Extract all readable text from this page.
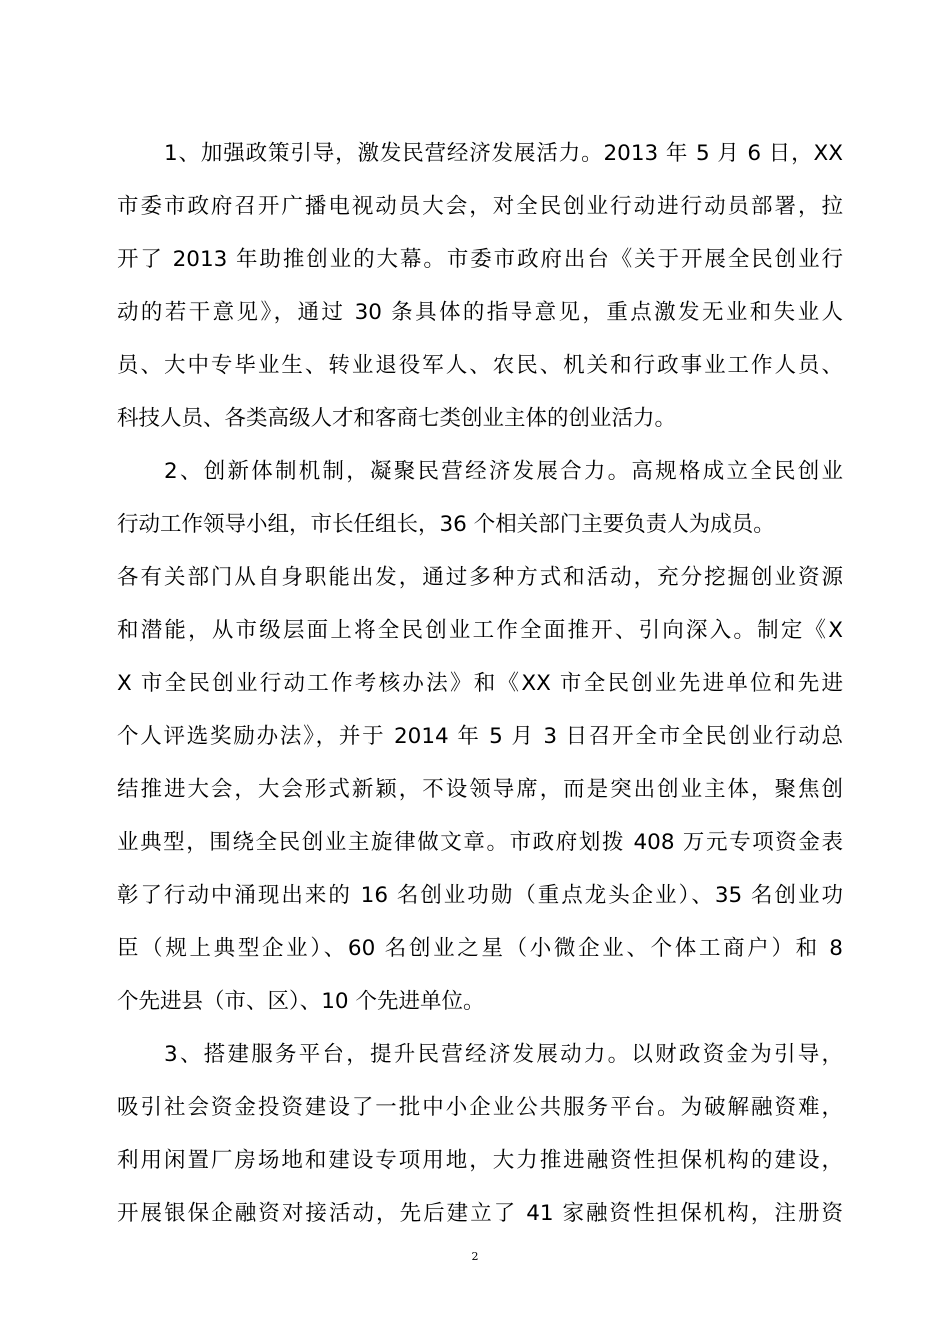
1、加强政策引导，激发民营经济发展活力。2013 年 5 月 6 日，XX
市委市政府召开广播电视动员大会，对全民创业行动进行动员部署，拉
开了 2013 年助推创业的大幕。市委市政府出台《关于开展全民创业行
动的若干意见》，通过 30 条具体的指导意见，重点激发无业和失业人
员、大中专毕业生、转业退役军人、农民、机关和行政事业工作人员、
科技人员、各类高级人才和客商七类创业主体的创业活力。
2、创新体制机制，凝聚民营经济发展合力。高规格成立全民创业
行动工作领导小组，市长任组长，36 个相关部门主要负责人为成员。
各有关部门从自身职能出发，通过多种方式和活动，充分挖掘创业资源
和潜能，从市级层面上将全民创业工作全面推开、引向深入。制定《X
X 市全民创业行动工作考核办法》和《XX 市全民创业先进单位和先进
个人评选奖励办法》，并于 2014 年 5 月 3 日召开全市全民创业行动总
结推进大会，大会形式新颖，不设领导席，而是突出创业主体，聚焦创
业典型，围绕全民创业主旋律做文章。市政府划拨 408 万元专项资金表
彰了行动中涌现出来的 16 名创业功勋（重点龙头企业）、35 名创业功
臣（规上典型企业）、60 名创业之星（小微企业、个体工商户）和 8
个先进县（市、区）、10 个先进单位。
3、搭建服务平台，提升民营经济发展动力。以财政资金为引导，
吸引社会资金投资建设了一批中小企业公共服务平台。为破解融资难，
利用闲置厂房场地和建设专项用地，大力推进融资性担保机构的建设，
开展银保企融资对接活动，先后建立了 41 家融资性担保机构，注册资
2
